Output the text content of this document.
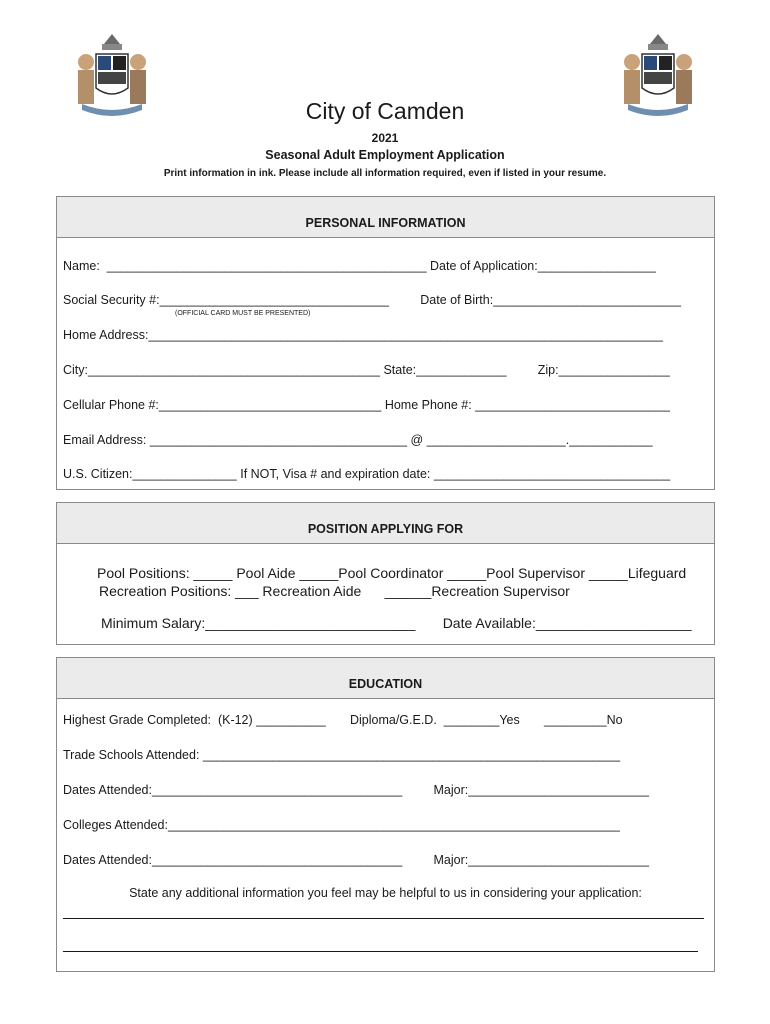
City of Camden
2021
Seasonal Adult Employment Application
Print information in ink. Please include all information required, even if listed in your resume.
PERSONAL INFORMATION
Name:  ______________________________________________ Date of Application:_________________
Social Security #:_________________________________         Date of Birth:___________________________
(OFFICIAL CARD MUST BE PRESENTED)
Home Address:__________________________________________________________________________
City:__________________________________________ State:_____________         Zip:________________
Cellular Phone #:________________________________ Home Phone #: ____________________________
Email Address: _____________________________________ @ ____________________.____________
U.S. Citizen:_______________ If NOT, Visa # and expiration date: __________________________________
POSITION APPLYING FOR
Pool Positions: _____ Pool Aide _____Pool Coordinator _____Pool Supervisor _____Lifeguard
Recreation Positions: ___ Recreation Aide      ______Recreation Supervisor
Minimum Salary:___________________________       Date Available:____________________
EDUCATION
Highest Grade Completed:  (K-12) __________       Diploma/G.E.D.  ________Yes       _________No
Trade Schools Attended: ____________________________________________________________
Dates Attended:____________________________________         Major:__________________________
Colleges Attended:_________________________________________________________________
Dates Attended:____________________________________         Major:__________________________
State any additional information you feel may be helpful to us in considering your application:
